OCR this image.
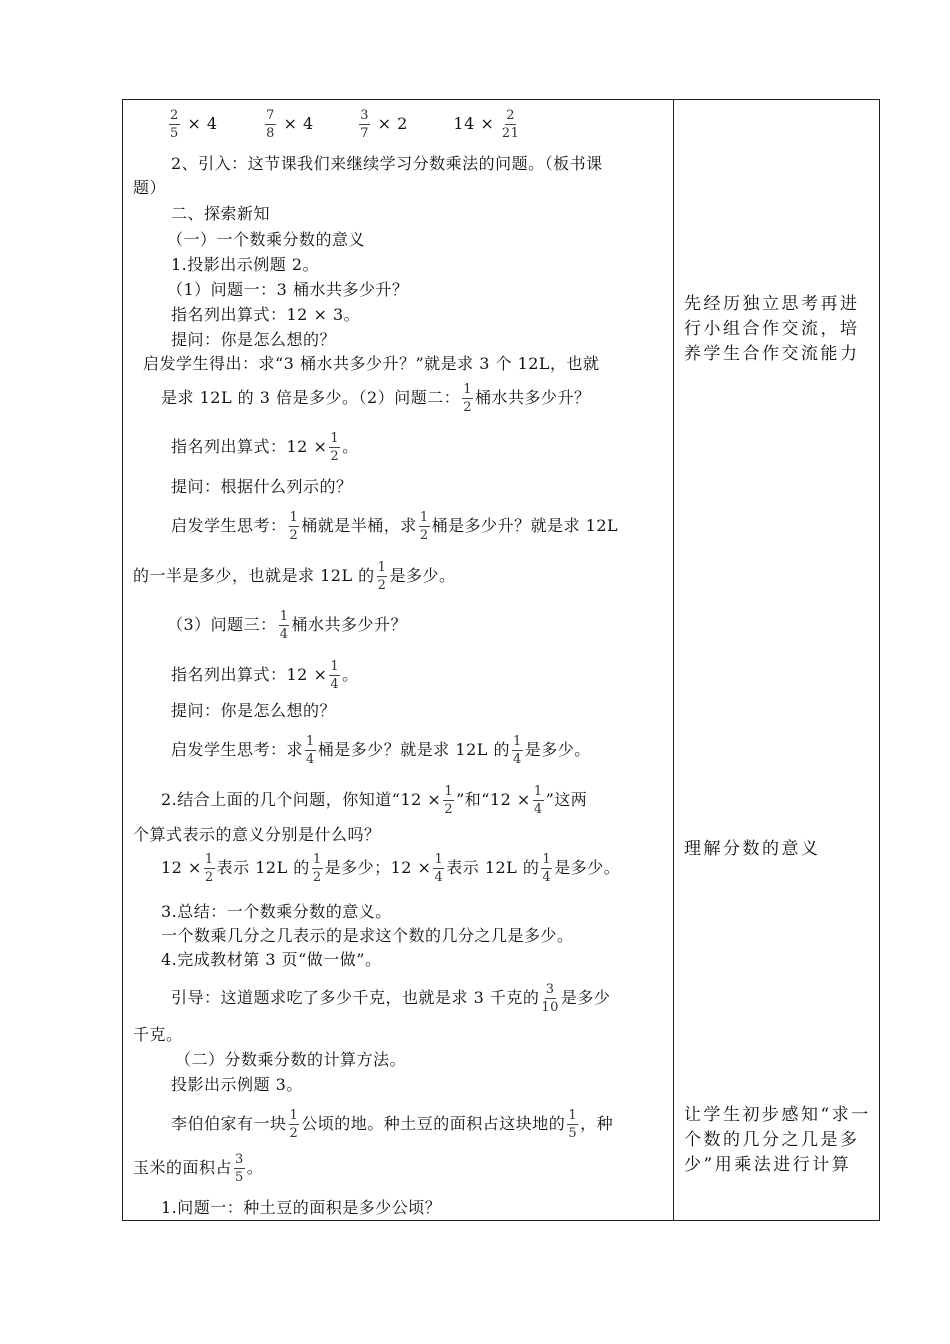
$\frac{2}{5} \times 4$	$\frac{7}{8} \times 4$	$\frac{3}{7} \times 2$	$14 \times \frac{2}{21}$
2、引入：这节课我们来继续学习分数乘法的问题。（板书课
题）
二、探索新知
（一）一个数乘分数的意义
1.投影出示例题 2。
（1）问题一：3 桶水共多少升？
指名列出算式：12 × 3。
提问：你是怎么想的？
启发学生得出：求“3 桶水共多少升？”就是求 3 个 12L，也就
是求 12L 的 3 倍是多少。（2）问题二： $\frac{1}{2}$ 桶水共多少升？
指名列出算式：$12 \times \frac{1}{2}$ 。
提问：根据什么列示的？
启发学生思考： $\frac{1}{2}$ 桶就是半桶，求 $\frac{1}{2}$ 桶是多少升？就是求 12L
的一半是多少，也就是求 12L 的 $\frac{1}{2}$ 是多少。
（3）问题三： $\frac{1}{4}$ 桶水共多少升？
指名列出算式：$12 \times \frac{1}{4}$ 。
提问：你是怎么想的？
启发学生思考：求 $\frac{1}{4}$ 桶是多少？就是求 12L 的 $\frac{1}{4}$ 是多少。
2.结合上面的几个问题，你知道“$12 \times \frac{1}{2}$ ”和“$12 \times \frac{1}{4}$ ”这两
个算式表示的意义分别是什么吗？
$12 \times \frac{1}{2}$ 表示 12L 的 $\frac{1}{2}$ 是多少；$12 \times \frac{1}{4}$ 表示 12L 的 $\frac{1}{4}$ 是多少。
3.总结：一个数乘分数的意义。
一个数乘几分之几表示的是求这个数的几分之几是多少。
4.完成教材第 3 页“做一做”。
引导：这道题求吃了多少千克，也就是求 3 千克的 $\frac{3}{10}$ 是多少
千克。
（二）分数乘分数的计算方法。
投影出示例题 3。
李伯伯家有一块 $\frac{1}{2}$ 公顷的地。种土豆的面积占这块地的 $\frac{1}{5}$ ，种
玉米的面积占 $\frac{3}{5}$ 。
1.问题一：种土豆的面积是多少公顷？
先经历独立思考再进行小组合作交流，培养学生合作交流能力
理解分数的意义
让学生初步感知“求一个数的几分之几是多少”用乘法进行计算
